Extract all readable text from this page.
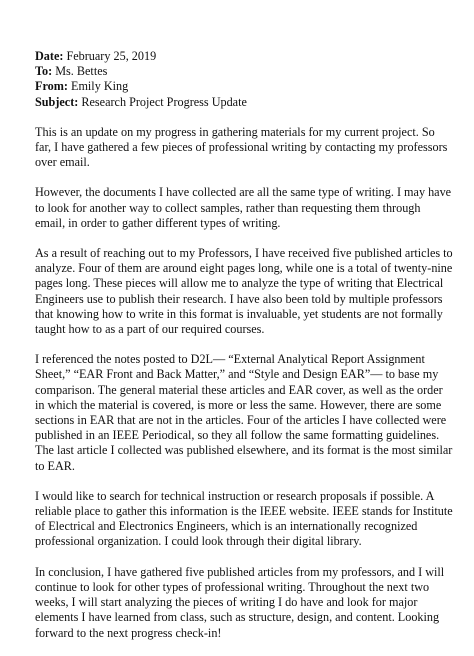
Date: February 25, 2019

To: Ms. Bettes

From: Emily King

Subject: Research Project Progress Update

This is an update on my progress in gathering materials for my current project. So far, I have gathered a few pieces of professional writing by contacting my professors over email.

However, the documents I have collected are all the same type of writing. I may have to look for another way to collect samples, rather than requesting them through email, in order to gather different types of writing.

As a result of reaching out to my Professors, I have received five published articles to analyze. Four of them are around eight pages long, while one is a total of twenty-nine pages long. These pieces will allow me to analyze the type of writing that Electrical Engineers use to publish their research. I have also been told by multiple professors that knowing how to write in this format is invaluable, yet students are not formally taught how to as a part of our required courses.

I referenced the notes posted to D2L— “External Analytical Report Assignment Sheet,” “EAR Front and Back Matter,” and “Style and Design EAR”— to base my comparison. The general material these articles and EAR cover, as well as the order in which the material is covered, is more or less the same. However, there are some sections in EAR that are not in the articles. Four of the articles I have collected were published in an IEEE Periodical, so they all follow the same formatting guidelines. The last article I collected was published elsewhere, and its format is the most similar to EAR.

I would like to search for technical instruction or research proposals if possible. A reliable place to gather this information is the IEEE website. IEEE stands for Institute of Electrical and Electronics Engineers, which is an internationally recognized professional organization. I could look through their digital library.

In conclusion, I have gathered five published articles from my professors, and I will continue to look for other types of professional writing. Throughout the next two weeks, I will start analyzing the pieces of writing I do have and look for major elements I have learned from class, such as structure, design, and content. Looking forward to the next progress check-in!
